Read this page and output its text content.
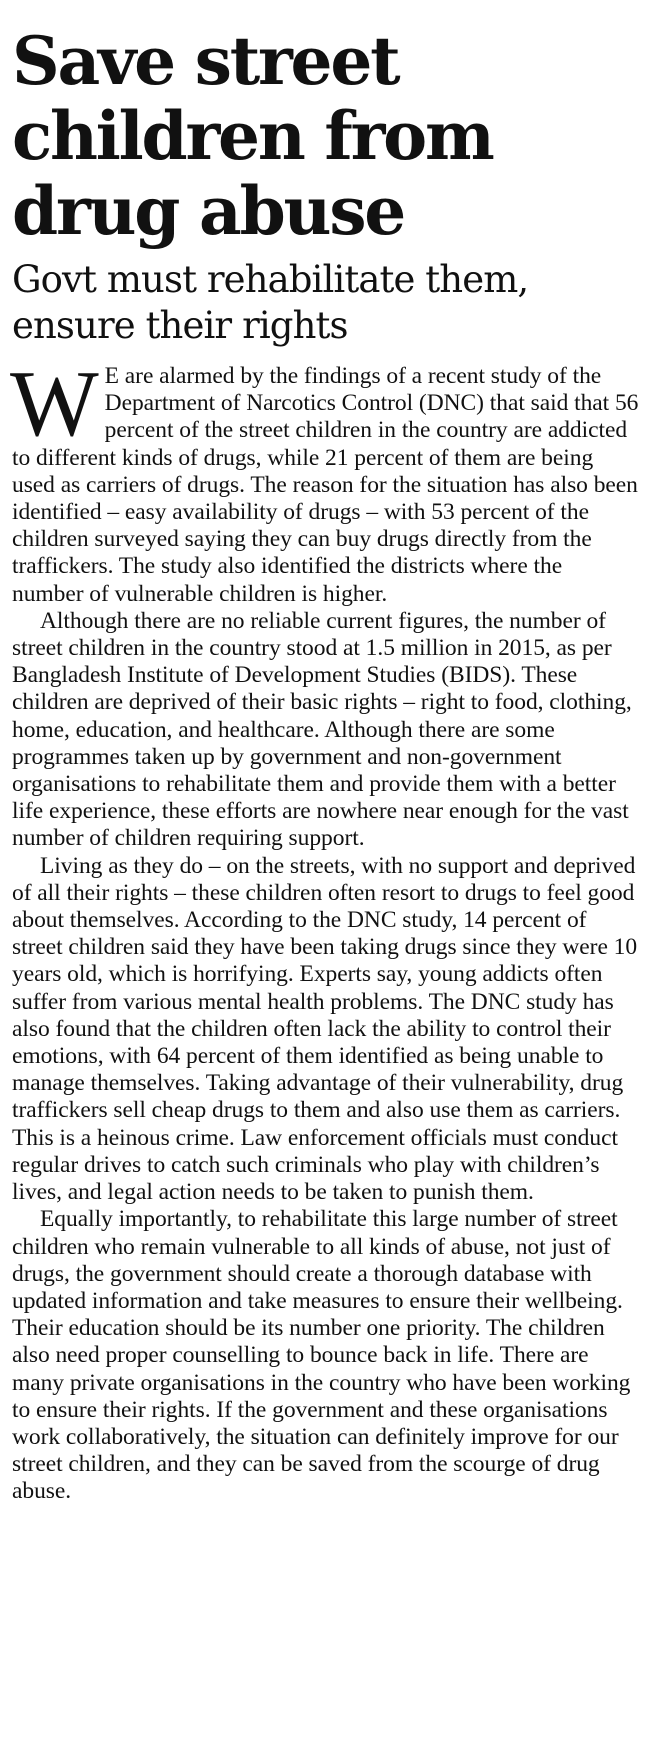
Save street children from drug abuse
Govt must rehabilitate them, ensure their rights

W E are alarmed by the findings of a recent study of the Department of Narcotics Control (DNC) that said that 56 percent of the street children in the country are addicted to different kinds of drugs, while 21 percent of them are being used as carriers of drugs. The reason for the situation has also been identified – easy availability of drugs – with 53 percent of the children surveyed saying they can buy drugs directly from the traffickers. The study also identified the districts where the number of vulnerable children is higher.

Although there are no reliable current figures, the number of street children in the country stood at 1.5 million in 2015, as per Bangladesh Institute of Development Studies (BIDS). These children are deprived of their basic rights – right to food, clothing, home, education, and healthcare. Although there are some programmes taken up by government and non-government organisations to rehabilitate them and provide them with a better life experience, these efforts are nowhere near enough for the vast number of children requiring support.

Living as they do – on the streets, with no support and deprived of all their rights – these children often resort to drugs to feel good about themselves. According to the DNC study, 14 percent of street children said they have been taking drugs since they were 10 years old, which is horrifying. Experts say, young addicts often suffer from various mental health problems. The DNC study has also found that the children often lack the ability to control their emotions, with 64 percent of them identified as being unable to manage themselves. Taking advantage of their vulnerability, drug traffickers sell cheap drugs to them and also use them as carriers. This is a heinous crime. Law enforcement officials must conduct regular drives to catch such criminals who play with children’s lives, and legal action needs to be taken to punish them.

Equally importantly, to rehabilitate this large number of street children who remain vulnerable to all kinds of abuse, not just of drugs, the government should create a thorough database with updated information and take measures to ensure their wellbeing. Their education should be its number one priority. The children also need proper counselling to bounce back in life. There are many private organisations in the country who have been working to ensure their rights. If the government and these organisations work collaboratively, the situation can definitely improve for our street children, and they can be saved from the scourge of drug abuse.
